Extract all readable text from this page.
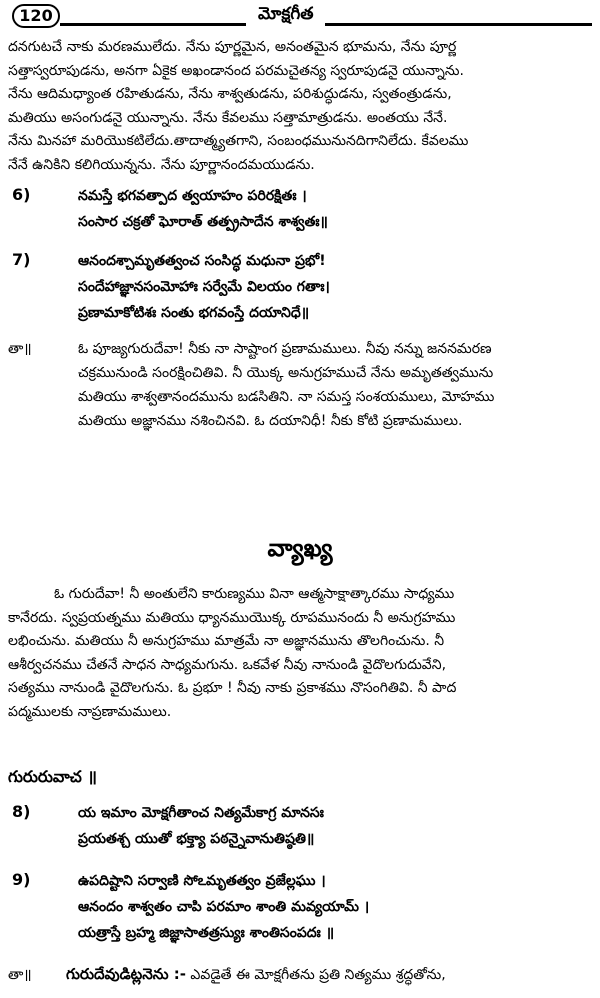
120	మోక్షగీత

దనగుటచే నాకు మరణములేదు. నేను పూర్ణమైన, అనంతమైన భూమను, నేను పూర్ణ
సత్తాస్వరూపుడను, అనగా ఏకైక అఖండానంద పరమచైతన్య స్వరూపుడనై యున్నాను.
నేను ఆదిమధ్యాంత రహితుడను, నేను శాశ్వతుడను, పరిశుద్ధుడను, స్వతంత్రుడను,
మతియు అసంగుడనై యున్నాను. నేను కేవలము సత్తామాత్రుడను. అంతయు నేనే.
నేను మినహా మరియొకటిలేదు.తాదాత్మ్యతగాని, సంబంధమునునదిగానిలేదు. కేవలము
నేనే ఉనికిని కలిగియున్నను. నేను పూర్ణానందమయుడను.

6)	నమస్తే భగవత్పాద త్వయాహం పరిరక్షితః ।
సంసార చక్రతో ఘోరాత్ తత్ప్రసాదేన శాశ్వతః॥
7)	ఆనందశ్చామృతత్వంచ సంసిద్ధ మధునా ప్రభో!
సందేహాజ్ఞానసంమోహాః సర్వేమే విలయం గతాః।
ప్రణామాకోటిశః సంతు భగవంస్తే దయానిధే॥
తా॥	ఓ పూజ్యగురుదేవా! నీకు నా సాష్టాంగ ప్రణామములు. నీవు నన్ను జననమరణ
చక్రమునుండి సంరక్షించితివి. నీ యొక్క అనుగ్రహముచే నేను అమృతత్వమును
మతియు శాశ్వతానందమును బడసితిని. నా సమస్త సంశయములు, మోహము
మతియు అజ్ఞానము నశించినవి. ఓ దయానిధీ! నీకు కోటి ప్రణామములు.
వ్యాఖ్య

ఓ గురుదేవా! నీ అంతులేని కారుణ్యము వినా ఆత్మసాక్షాత్కారము సాధ్యము
కానేరదు. స్వప్రయత్నము మతియు ధ్యానముయొక్క రూపమునందు నీ అనుగ్రహము
లభించును. మతియు నీ అనుగ్రహము మాత్రమే నా అజ్ఞానమును తొలగించును. నీ
ఆశీర్వచనము చేతనే సాధన సాధ్యమగును. ఒకవేళ నీవు నానుండి వైదొలగుదువేని,
సత్యము నానుండి వైదొలగును. ఓ ప్రభూ ! నీవు నాకు ప్రకాశము నొసంగితివి. నీ పాద
పద్మములకు నాప్రణామములు.

గురురువాచ ॥
8)	య ఇమాం మోక్షగీతాంచ నిత్యమేకాగ్ర మానసః
ప్రయతశ్చ యుతో భక్త్యా పఠన్నైవానుతిష్ఠతి॥
9)	ఉపదిష్టాని సర్వాణి సోఽమృతత్వం వ్రజేల్లఘు ।
ఆనందం శాశ్వతం చాపి పరమాం శాంతి మవ్యయామ్ ।
యత్రాస్తే బ్రహ్మ జిజ్ఞాసాతత్రస్యుః శాంతిసంపదః ॥
తా॥ గురుదేవుడిట్లనెను :- ఎవడైతే ఈ మోక్షగీతను ప్రతి నిత్యము శ్రద్ధతోను,
